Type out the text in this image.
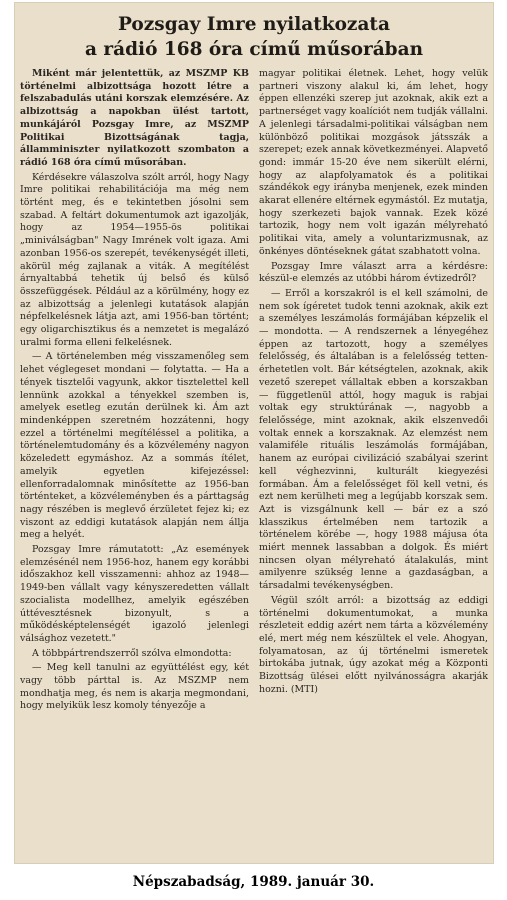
Pozsgay Imre nyilatkozata
a rádió 168 óra című műsorában

Miként már jelentettük, az MSZMP KB történelmi albizottsága hozott létre a felszabadulás utáni korszak elemzésére. Az albizottság a napokban ülést tartott, munkájáról Pozsgay Imre, az MSZMP Politikai Bizottságának tagja, államminiszter nyilatkozott szombaton a rádió 168 óra című műsorában.

Kérdésekre válaszolva szólt arról, hogy Nagy Imre politikai rehabilitációja ma még nem történt meg, és e tekintetben jósolni sem szabad. A feltárt dokumentumok azt igazolják, hogy az 1954—1955-ös politikai „miniválságban" Nagy Imrének volt igaza. Ami azonban 1956-os szerepét, tevékenységét illeti, akörül még zajlanak a viták. A megítélést árnyaltabbá tehetik új belső és külső összefüggések. Például az a körülmény, hogy ez az albizottság a jelenlegi kutatások alapján népfelkelésnek látja azt, ami 1956-ban történt; egy oligarchisztikus és a nemzetet is megalázó uralmi forma elleni felkelésnek.

— A történelemben még visszamenőleg sem lehet véglegeset mondani — folytatta. — Ha a tények tisztelői vagyunk, akkor tisztelettel kell lennünk azokkal a tényekkel szemben is, amelyek esetleg ezután derülnek ki. Ám azt mindenképpen szeretném hozzátenni, hogy ezzel a történelmi megítéléssel a politika, a történelemtudomány és a közvélemény nagyon közeledett egymáshoz. Az a sommás ítélet, amelyik egyetlen kifejezéssel: ellenforradalomnak minősítette az 1956-ban történteket, a közvéleményben és a párttagság nagy részében is meglevő érzületet fejez ki; ez viszont az eddigi kutatások alapján nem állja meg a helyét.

Pozsgay Imre rámutatott: „Az események elemzésénél nem 1956-hoz, hanem egy korábbi időszakhoz kell visszamenni: ahhoz az 1948—1949-ben vállalt vagy kényszeredetten vállalt szocialista modellhez, amelyik egészében úttévesztésnek bizonyult, s a működésképtelenségét igazoló jelenlegi válsághoz vezetett."

A többpártrendszerről szólva elmondotta:

— Meg kell tanulni az együttélést egy, két vagy több párttal is. Az MSZMP nem mondhatja meg, és nem is akarja megmondani, hogy melyikük lesz komoly tényezője a

magyar politikai életnek. Lehet, hogy velük partneri viszony alakul ki, ám lehet, hogy éppen ellenzéki szerep jut azoknak, akik ezt a partnerséget vagy koalíciót nem tudják vállalni. A jelenlegi társadalmi-politikai válságban nem különböző politikai mozgások játsszák a szerepet; ezek annak következményei. Alapvető gond: immár 15-20 éve nem sikerült elérni, hogy az alapfolyamatok és a politikai szándékok egy irányba menjenek, ezek minden akarat ellenére eltérnek egymástól. Ez mutatja, hogy szerkezeti bajok vannak. Ezek közé tartozik, hogy nem volt igazán mélyreható politikai vita, amely a voluntarizmusnak, az önkényes döntéseknek gátat szabhatott volna.

Pozsgay Imre választ arra a kérdésre: készül-e elemzés az utóbbi három évtizedről?

— Erről a korszakról is el kell számolni, de nem sok ígéretet tudok tenni azoknak, akik ezt a személyes leszámolás formájában képzelik el — mondotta. — A rendszernek a lényegéhez éppen az tartozott, hogy a személyes felelősség, és általában is a felelősség tetten-érhetetlen volt. Bár kétségtelen, azoknak, akik vezető szerepet vállaltak ebben a korszakban — függetlenül attól, hogy maguk is rabjai voltak egy struktúrának —, nagyobb a felelőssége, mint azoknak, akik elszenvedői voltak ennek a korszaknak. Az elemzést nem valamiféle rituális leszámolás formájában, hanem az európai civilizáció szabályai szerint kell véghezvinni, kulturált kiegyezési formában. Ám a felelősséget föl kell vetni, és ezt nem kerülheti meg a legújabb korszak sem. Azt is vizsgálnunk kell — bár ez a szó klasszikus értelmében nem tartozik a történelem körébe —, hogy 1988 májusa óta miért mennek lassabban a dolgok. És miért nincsen olyan mélyreható átalakulás, mint amilyenre szükség lenne a gazdaságban, a társadalmi tevékenységben.

Végül szólt arról: a bizottság az eddigi történelmi dokumentumokat, a munka részleteit eddig azért nem tárta a közvélemény elé, mert még nem készültek el vele. Ahogyan, folyamatosan, az új történelmi ismeretek birtokába jutnak, úgy azokat még a Központi Bizottság ülései előtt nyilvánosságra akarják hozni. (MTI)

Népszabadság, 1989. január 30.
